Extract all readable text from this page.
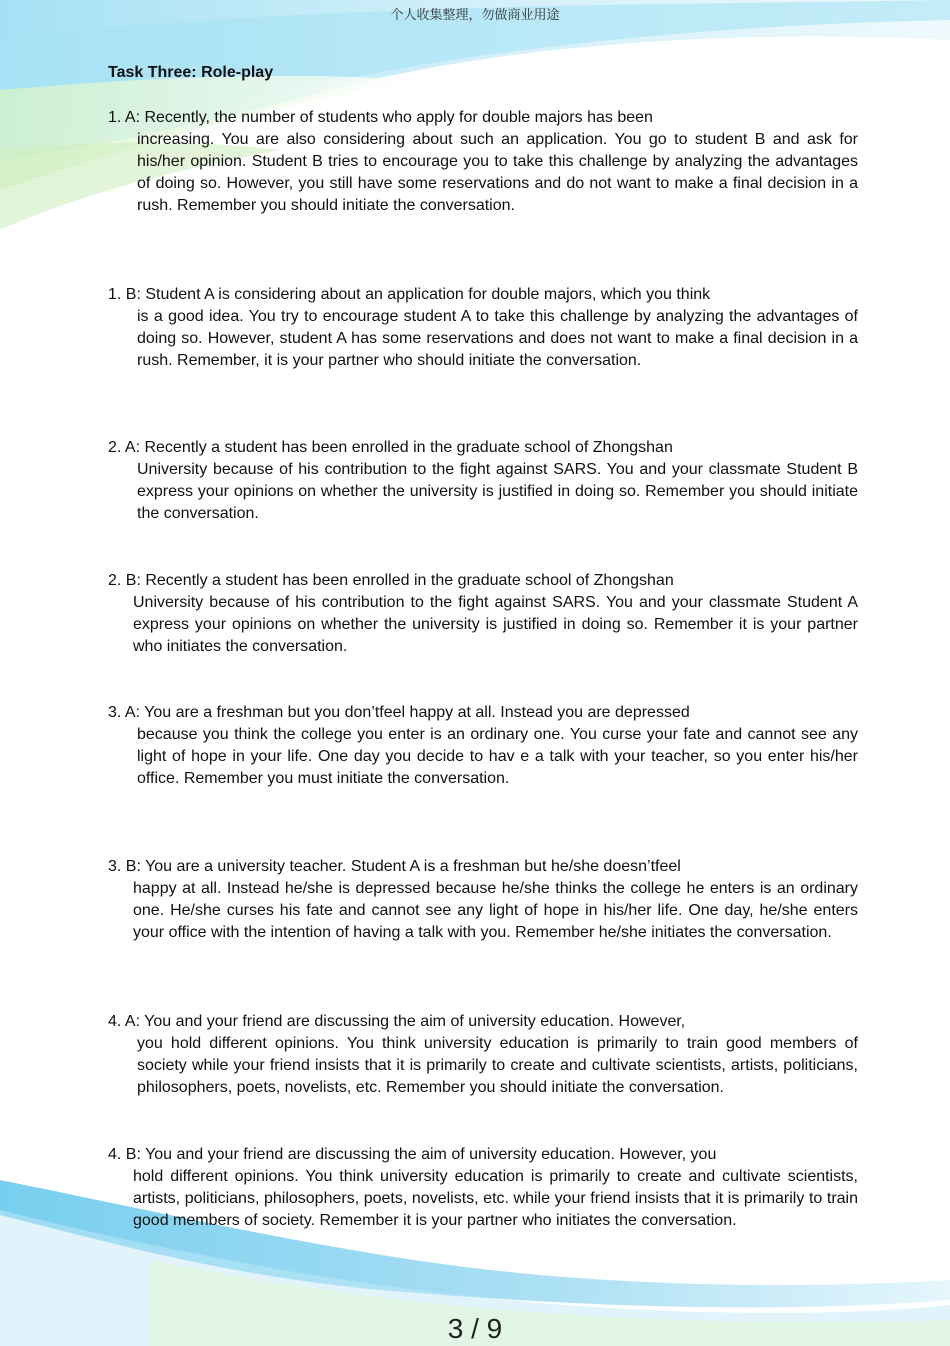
个人收集整理，勿做商业用途
Task Three: Role-play
1. A: Recently, the number of students who apply for double majors has been
increasing. You are also considering about such an application. You go to student B and ask for his/her opinion. Student B tries to encourage you to take this challenge by analyzing the advantages of doing so. However, you still have some reservations and do not want to make a final decision in a rush. Remember you should initiate the conversation.
1. B: Student A is considering about an application for double majors, which you think
is a good idea. You try to encourage student A to take this challenge by analyzing the advantages of doing so. However, student A has some reservations and does not want to make a final decision in a rush. Remember, it is your partner who should initiate the conversation.
2. A: Recently a student has been enrolled in the graduate school of Zhongshan
University because of his contribution to the fight against SARS. You and your classmate Student B express your opinions on whether the university is justified in doing so. Remember you should initiate the conversation.
2. B: Recently a student has been enrolled in the graduate school of Zhongshan
University because of his contribution to the fight against SARS. You and your classmate Student A express your opinions on whether the university is justified in doing so. Remember it is your partner who initiates the conversation.
3. A: You are a freshman but you don’tfeel happy at all. Instead you are depressed
because you think the college you enter is an ordinary one. You curse your fate and cannot see any light of hope in your life. One day you decide to hav e a talk with your teacher, so you enter his/her office. Remember you must initiate the conversation.
3. B: You are a university teacher. Student A is a freshman but he/she doesn’tfeel
happy at all. Instead he/she is depressed because he/she thinks the college he enters is an ordinary one. He/she curses his fate and cannot see any light of hope in his/her life. One day, he/she enters your office with the intention of having a talk with you. Remember he/she initiates the conversation.
4. A: You and your friend are discussing the aim of university education. However,
you hold different opinions. You think university education is primarily to train good members of society while your friend insists that it is primarily to create and cultivate scientists, artists, politicians, philosophers, poets, novelists, etc. Remember you should initiate the conversation.
4. B: You and your friend are discussing the aim of university education. However, you
hold different opinions. You think university education is primarily to create and cultivate scientists, artists, politicians, philosophers, poets, novelists, etc. while your friend insists that it is primarily to train good members of society. Remember it is your partner who initiates the conversation.
3 / 9
